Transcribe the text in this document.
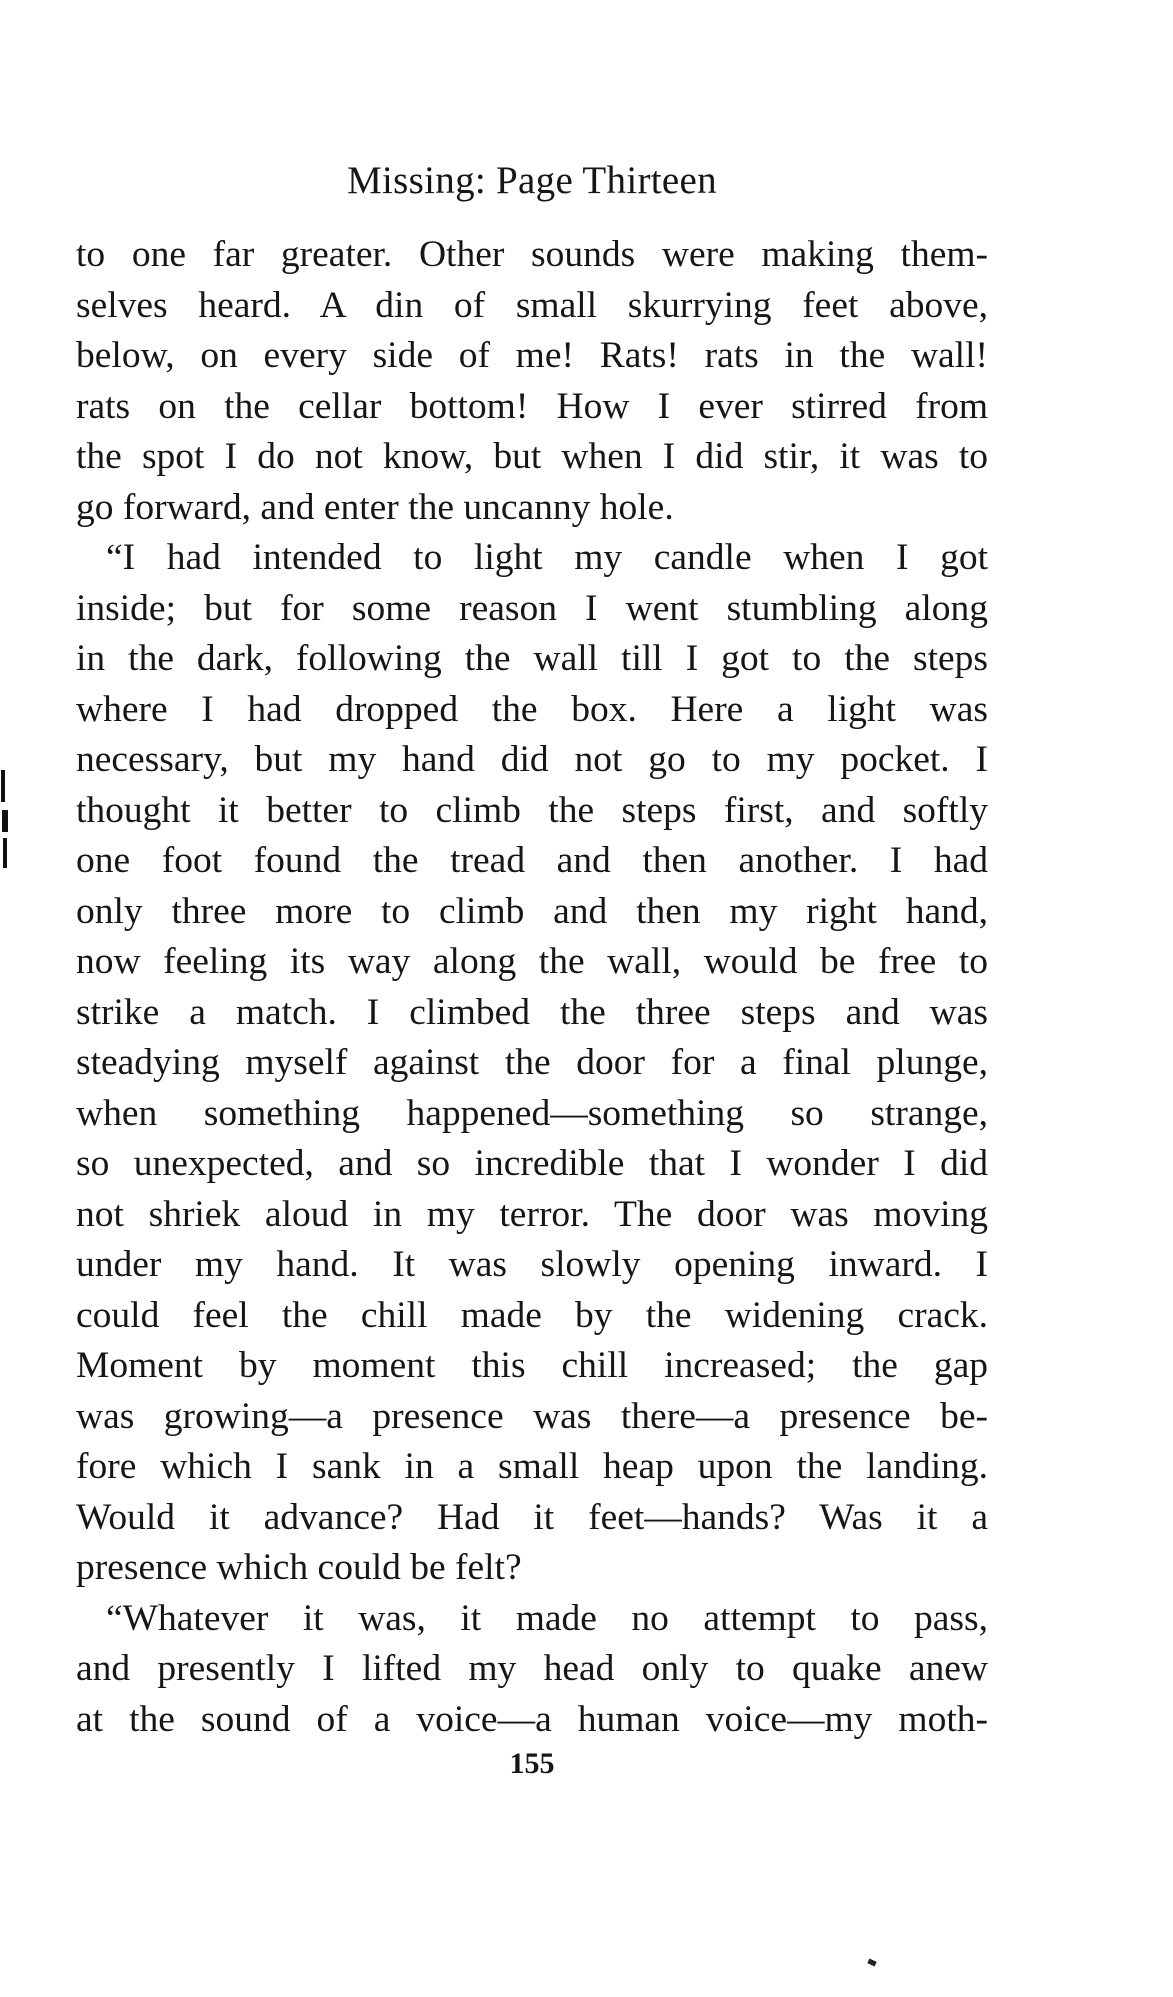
Missing: Page Thirteen
to one far greater. Other sounds were making them-
selves heard. A din of small skurrying feet above,
below, on every side of me! Rats! rats in the wall!
rats on the cellar bottom! How I ever stirred from
the spot I do not know, but when I did stir, it was to
go forward, and enter the uncanny hole.
“I had intended to light my candle when I got
inside; but for some reason I went stumbling along
in the dark, following the wall till I got to the steps
where I had dropped the box. Here a light was
necessary, but my hand did not go to my pocket. I
thought it better to climb the steps first, and softly
one foot found the tread and then another. I had
only three more to climb and then my right hand,
now feeling its way along the wall, would be free to
strike a match. I climbed the three steps and was
steadying myself against the door for a final plunge,
when something happened—something so strange,
so unexpected, and so incredible that I wonder I did
not shriek aloud in my terror. The door was moving
under my hand. It was slowly opening inward. I
could feel the chill made by the widening crack.
Moment by moment this chill increased; the gap
was growing—a presence was there—a presence be-
fore which I sank in a small heap upon the landing.
Would it advance? Had it feet—hands? Was it a
presence which could be felt?
“Whatever it was, it made no attempt to pass,
and presently I lifted my head only to quake anew
at the sound of a voice—a human voice—my moth-
155
